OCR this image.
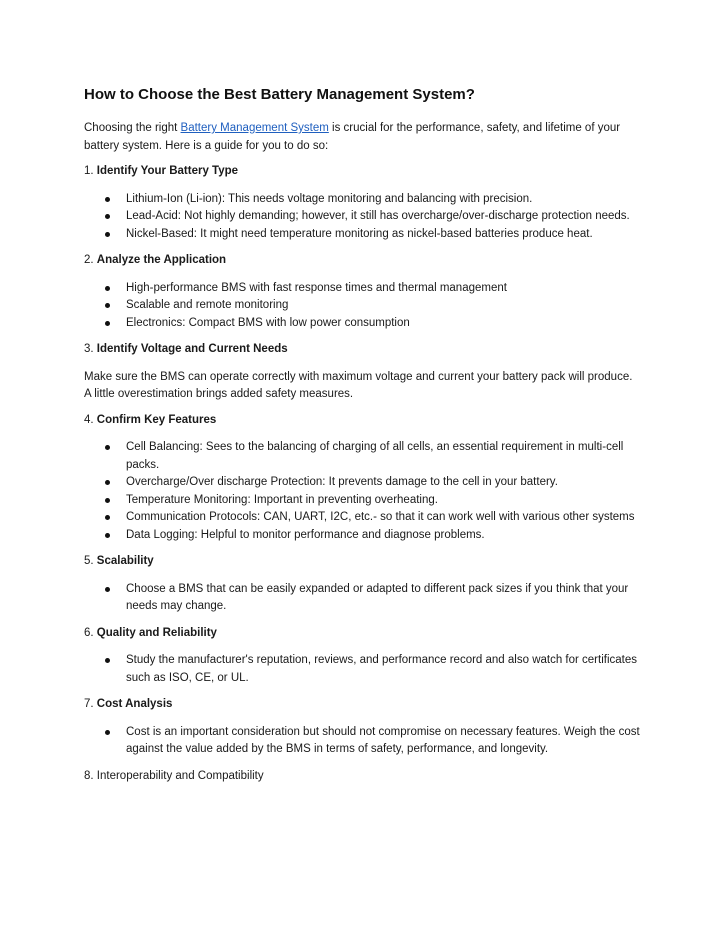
How to Choose the Best Battery Management System?

Choosing the right Battery Management System is crucial for the performance, safety, and lifetime of your battery system. Here is a guide for you to do so:

1. Identify Your Battery Type

Lithium-Ion (Li-ion): This needs voltage monitoring and balancing with precision.
Lead-Acid: Not highly demanding; however, it still has overcharge/over-discharge protection needs.
Nickel-Based: It might need temperature monitoring as nickel-based batteries produce heat.

2. Analyze the Application

High-performance BMS with fast response times and thermal management
Scalable and remote monitoring
Electronics: Compact BMS with low power consumption

3. Identify Voltage and Current Needs

Make sure the BMS can operate correctly with maximum voltage and current your battery pack will produce. A little overestimation brings added safety measures.

4. Confirm Key Features

Cell Balancing: Sees to the balancing of charging of all cells, an essential requirement in multi-cell packs.
Overcharge/Over discharge Protection: It prevents damage to the cell in your battery.
Temperature Monitoring: Important in preventing overheating.
Communication Protocols: CAN, UART, I2C, etc.- so that it can work well with various other systems
Data Logging: Helpful to monitor performance and diagnose problems.

5. Scalability

Choose a BMS that can be easily expanded or adapted to different pack sizes if you think that your needs may change.

6. Quality and Reliability

Study the manufacturer's reputation, reviews, and performance record and also watch for certificates such as ISO, CE, or UL.

7. Cost Analysis

Cost is an important consideration but should not compromise on necessary features. Weigh the cost against the value added by the BMS in terms of safety, performance, and longevity.

8. Interoperability and Compatibility
